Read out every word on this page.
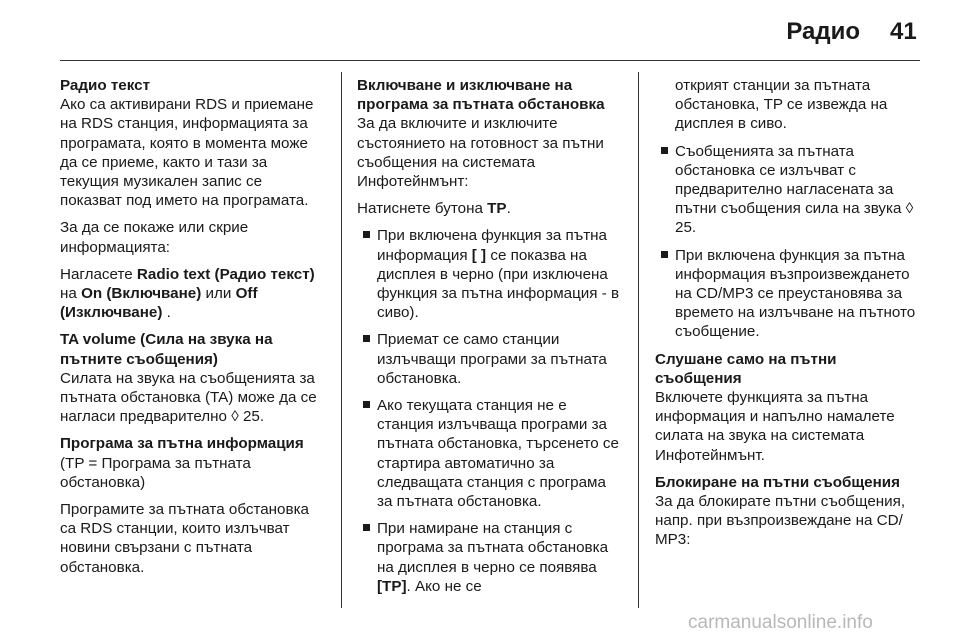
Радио 41
Радио текст

Ако са активирани RDS и приемане на RDS станция, информацията за програмата, която в момента може да се приеме, както и тази за текущия музикален запис се показват под името на програмата.

За да се покаже или скрие информацията:

Нагласете Radio text (Радио текст) на On (Включване) или Off (Изключване) .

TA volume (Сила на звука на пътните съобщения)

Силата на звука на съобщенията за пътната обстановка (TA) може да се нагласи предварително ◊ 25.

Програма за пътна информация

(TP = Програма за пътната обстановка)

Програмите за пътната обстановка са RDS станции, които излъчват новини свързани с пътната обстановка.

Включване и изключване на програма за пътната обстановка

За да включите и изключите състоянието на готовност за пътни съобщения на системата Инфотейнмънт:

Натиснете бутона TP.

При включена функция за пътна информация [ ] се показва на дисплея в черно (при изключена функция за пътна информация - в сиво).
Приемат се само станции излъчващи програми за пътната обстановка.
Ако текущата станция не е станция излъчваща програми за пътната обстановка, търсенето се стартира автоматично за следващата станция с програма за пътната обстановка.
При намиране на станция с програма за пътната обстановка на дисплея в черно се появява [TP]. Ако не се
открият станции за пътната обстановка, TP се извежда на дисплея в сиво.
Съобщенията за пътната обстановка се излъчват с предварително нагласената за пътни съобщения сила на звука ◊ 25.
При включена функция за пътна информация възпроизвеждането на CD/MP3 се преустановява за времето на излъчване на пътното съобщение.
Слушане само на пътни съобщения

Включете функцията за пътна информация и напълно намалете силата на звука на системата Инфотейнмънт.

Блокиране на пътни съобщения

За да блокирате пътни съобщения, напр. при възпроизвеждане на CD/ MP3:

carmanualsonline.info
